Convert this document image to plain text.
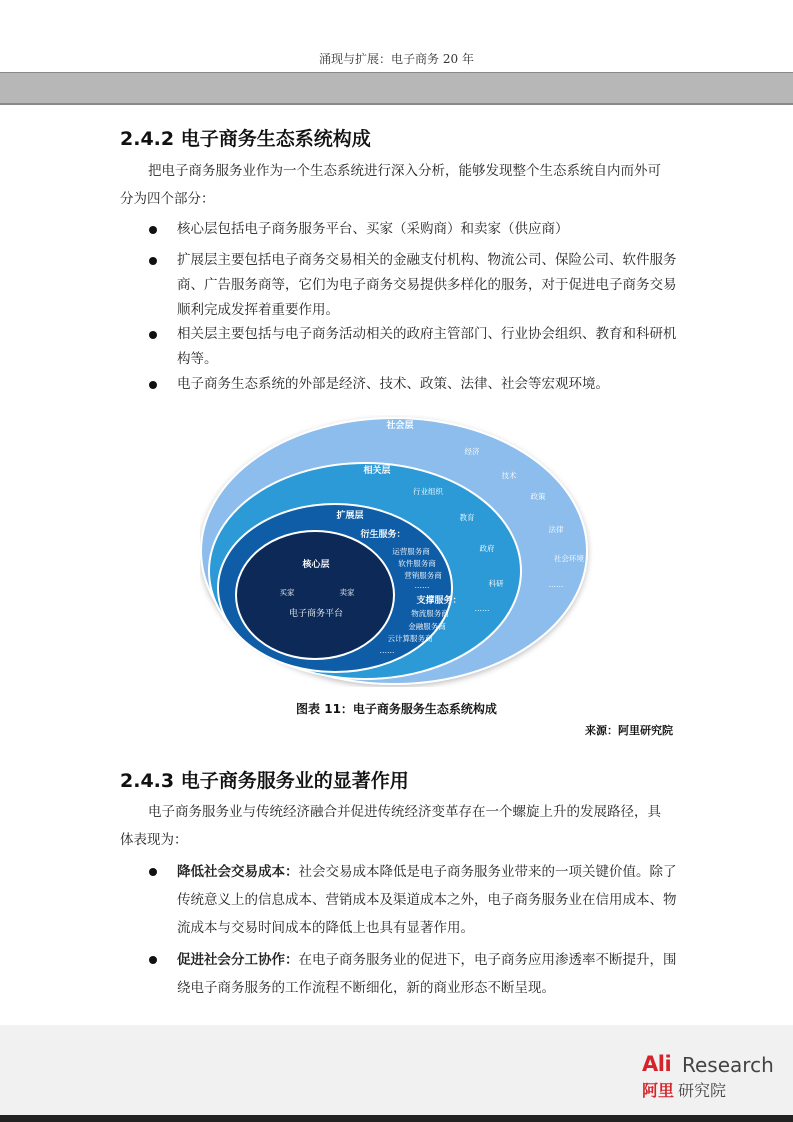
涌现与扩展：电子商务 20 年
2.4.2 电子商务生态系统构成

把电子商务服务业作为一个生态系统进行深入分析，能够发现整个生态系统自内而外可分为四个部分：

核心层包括电子商务服务平台、买家（采购商）和卖家（供应商）
扩展层主要包括电子商务交易相关的金融支付机构、物流公司、保险公司、软件服务商、广告服务商等，它们为电子商务交易提供多样化的服务，对于促进电子商务交易顺利完成发挥着重要作用。
相关层主要包括与电子商务活动相关的政府主管部门、行业协会组织、教育和科研机构等。
电子商务生态系统的外部是经济、技术、政策、法律、社会等宏观环境。
社会层
经济
技术
政策
法律
社会环境
……
相关层
行业组织
教育
政府
科研
……
扩展层
衍生服务：
运营服务商
软件服务商
营销服务商
……
支撑服务：
物流服务商
金融服务商
云计算服务商
……
核心层
买家	卖家
电子商务平台
图表 11：电子商务服务生态系统构成
来源：阿里研究院
2.4.3 电子商务服务业的显著作用

电子商务服务业与传统经济融合并促进传统经济变革存在一个螺旋上升的发展路径，具体表现为：

降低社会交易成本：社会交易成本降低是电子商务服务业带来的一项关键价值。除了传统意义上的信息成本、营销成本及渠道成本之外，电子商务服务业在信用成本、物流成本与交易时间成本的降低上也具有显著作用。
促进社会分工协作：在电子商务服务业的促进下，电子商务应用渗透率不断提升，围绕电子商务服务的工作流程不断细化，新的商业形态不断呈现。
Ali Research
阿里 研究院
